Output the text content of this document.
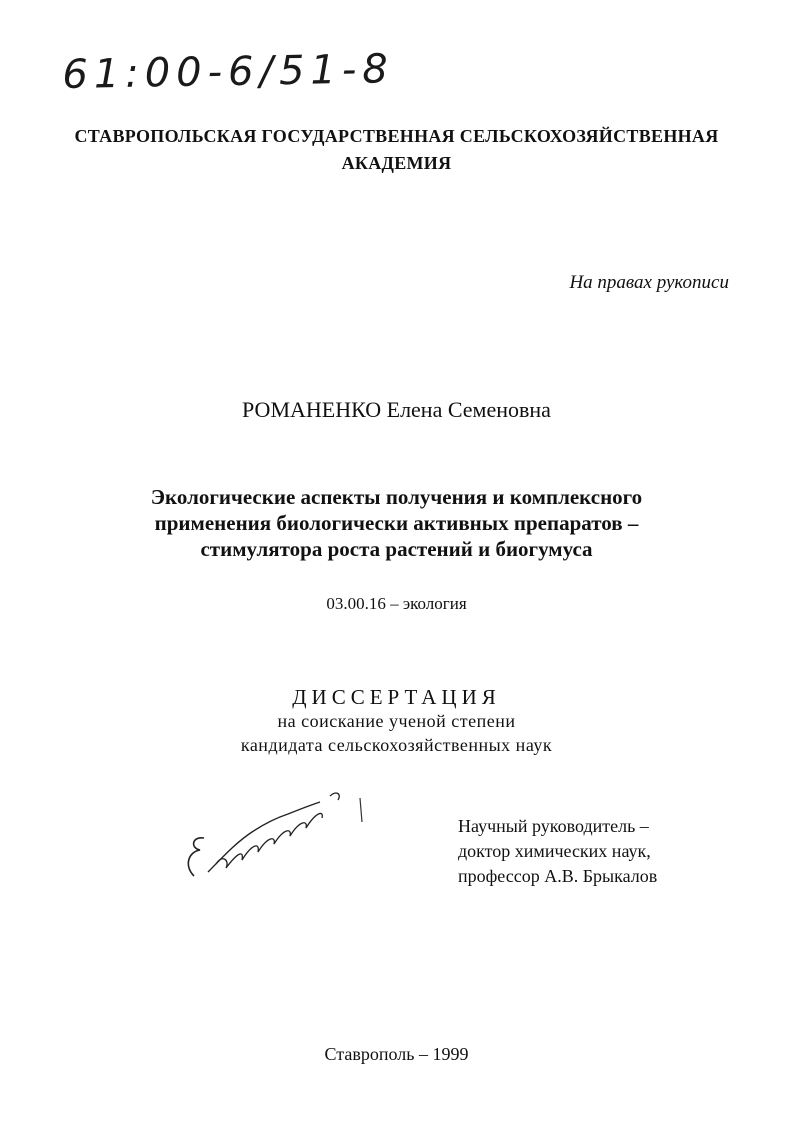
61:00-6/51-8
СТАВРОПОЛЬСКАЯ ГОСУДАРСТВЕННАЯ СЕЛЬСКОХОЗЯЙСТВЕННАЯ
АКАДЕМИЯ
На правах рукописи
РОМАНЕНКО Елена Семеновна
Экологические аспекты получения и комплексного
применения биологически активных препаратов –
стимулятора роста растений и биогумуса
03.00.16 – экология
ДИССЕРТАЦИЯ
на соискание ученой степени
кандидата сельскохозяйственных наук
Научный руководитель –
доктор химических наук,
профессор А.В. Брыкалов
Ставрополь – 1999
